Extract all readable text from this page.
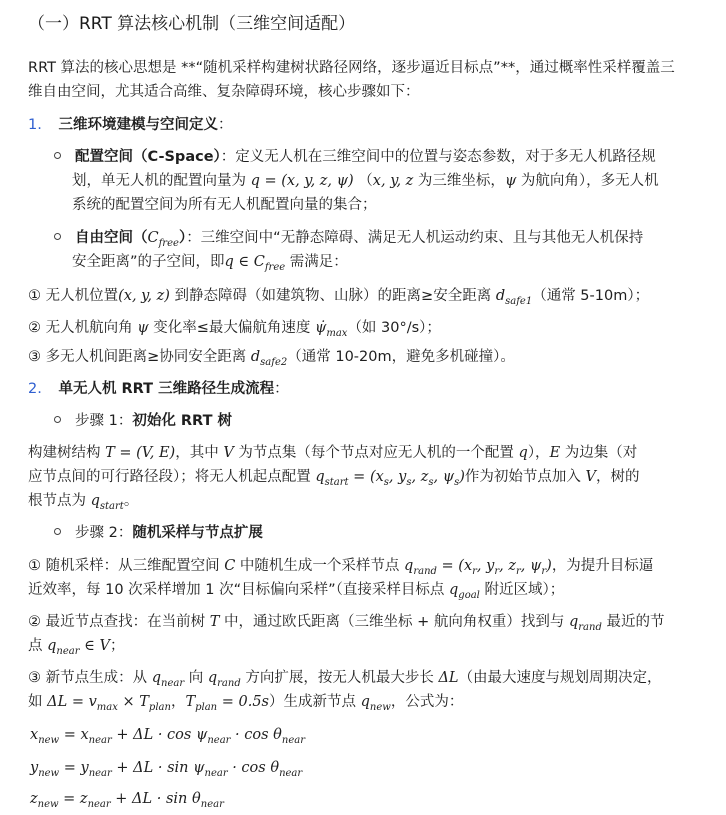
（一）RRT 算法核心机制（三维空间适配）
RRT 算法的核心思想是 **“随机采样构建树状路径网络，逐步逼近目标点”**，通过概率性采样覆盖三
维自由空间，尤其适合高维、复杂障碍环境，核心步骤如下：
1. 三维环境建模与空间定义：
配置空间（C-Space）：定义无人机在三维空间中的位置与姿态参数，对于多无人机路径规
划，单无人机的配置向量为 q = (x, y, z, ψ) （x, y, z 为三维坐标，ψ 为航向角），多无人机
系统的配置空间为所有无人机配置向量的集合；
自由空间$(C_{free})$：三维空间中“无静态障碍、满足无人机运动约束、且与其他无人机保持
安全距离”的子空间，即q ∈ $C_{free}$ 需满足：
① 无人机位置(x, y, z) 到静态障碍（如建筑物、山脉）的距离≥安全距离 $d_{safe1}$（通常 5-10m）；
② 无人机航向角 ψ 变化率≤最大偏航角速度 $\psi̇_{max}$（如 30°/s）；
③ 多无人机间距离≥协同安全距离 $d_{safe2}$（通常 10-20m，避免多机碰撞）。
2. 单无人机 RRT 三维路径生成流程：
步骤 1：初始化 RRT 树
构建树结构 T = (V, E)，其中 V 为节点集（每个节点对应无人机的一个配置 q），E 为边集（对
应节点间的可行路径段）；将无人机起点配置 $q_{start} = (x_s$, $y_s$, $z_s$, $\psi_s$)作为初始节点加入 V，树的
根节点为 $q_{start}$。
步骤 2：随机采样与节点扩展
① 随机采样：从三维配置空间 C 中随机生成一个采样节点 $q_{rand} = (x_r$, $y_r$, $z_r$, $\psi_r$)，为提升目标逼
近效率，每 10 次采样增加 1 次“目标偏向采样”（直接采样目标点 $q_{goal}$ 附近区域）；
② 最近节点查找：在当前树 T 中，通过欧氏距离（三维坐标 + 航向角权重）找到与 $q_{rand}$ 最近的节
点 $q_{near}$ ∈ V；
③ 新节点生成：从 $q_{near}$ 向 $q_{rand}$ 方向扩展，按无人机最大步长 ΔL（由最大速度与规划周期决定，
如 $\Delta L = v_{max} \times T_{plan}$，$T_{plan} = 0.5s$）生成新节点 $q_{new}$，公式为：
$x_{new} = x_{near} + \Delta L \cdot \cos \psi_{near} \cdot \cos \theta_{near}$
$y_{new} = y_{near} + \Delta L \cdot \sin \psi_{near} \cdot \cos \theta_{near}$
$z_{new} = z_{near} + \Delta L \cdot \sin \theta_{near}$
